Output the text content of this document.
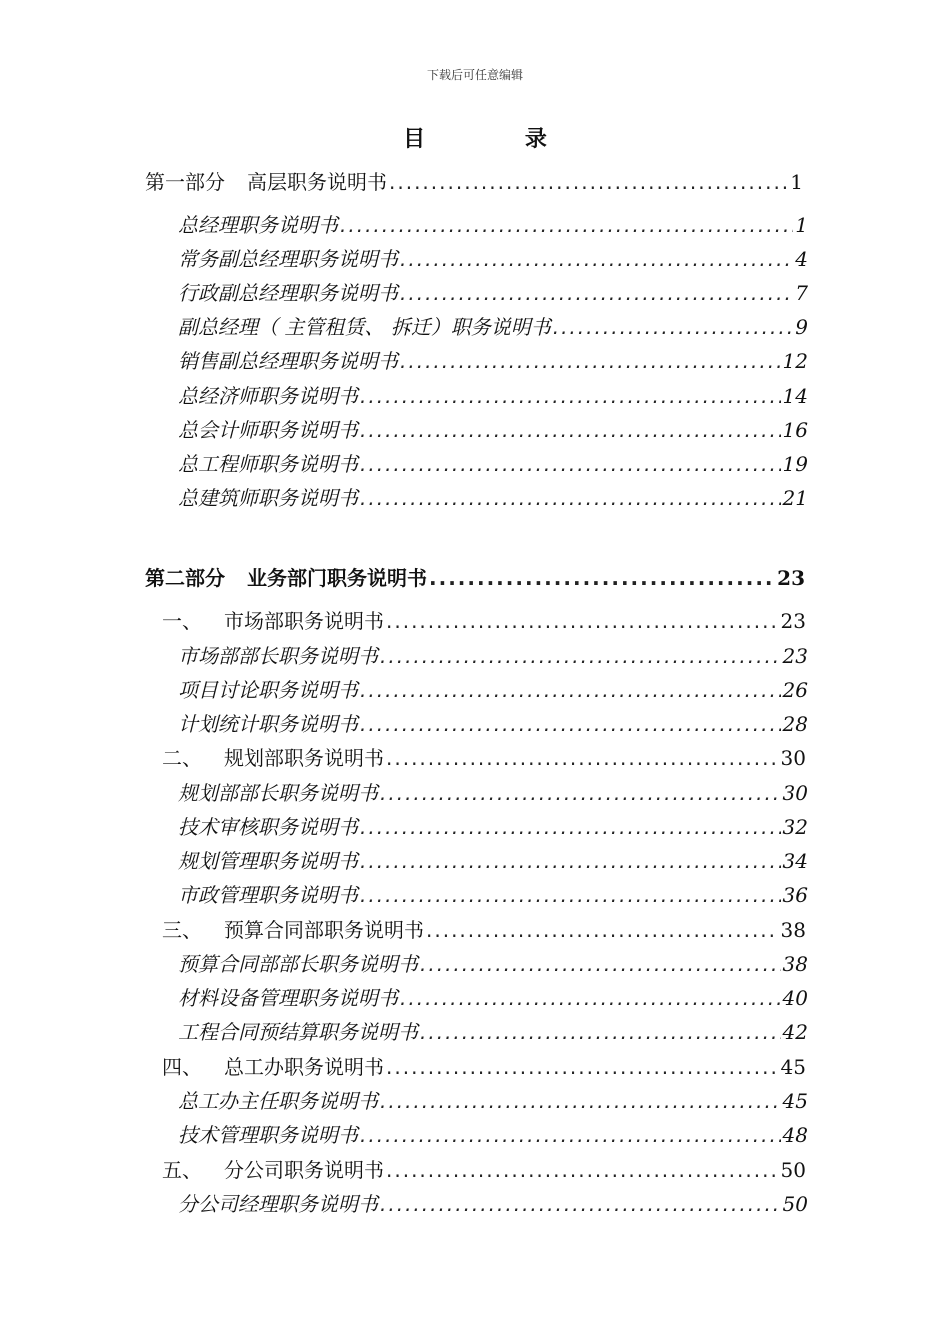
下载后可任意编辑
目 录
第一部分 高层职务说明书 .....	1
总经理职务说明书 .....	1
常务副总经理职务说明书 .....	4
行政副总经理职务说明书 .....	7
副总经理（ 主管租赁、 拆迁）职务说明书 .....	9
销售副总经理职务说明书 .....	12
总经济师职务说明书 .....	14
总会计师职务说明书 .....	16
总工程师职务说明书 .....	19
总建筑师职务说明书 .....	21
第二部分 业务部门职务说明书 .....	23
一、 市场部职务说明书 .....	23
市场部部长职务说明书 .....	23
项目讨论职务说明书 .....	26
计划统计职务说明书 .....	28
二、 规划部职务说明书 .....	30
规划部部长职务说明书 .....	30
技术审核职务说明书 .....	32
规划管理职务说明书 .....	34
市政管理职务说明书 .....	36
三、 预算合同部职务说明书 .....	38
预算合同部部长职务说明书 .....	38
材料设备管理职务说明书 .....	40
工程合同预结算职务说明书 .....	42
四、 总工办职务说明书 .....	45
总工办主任职务说明书 .....	45
技术管理职务说明书 .....	48
五、 分公司职务说明书 .....	50
分公司经理职务说明书 .....	50
